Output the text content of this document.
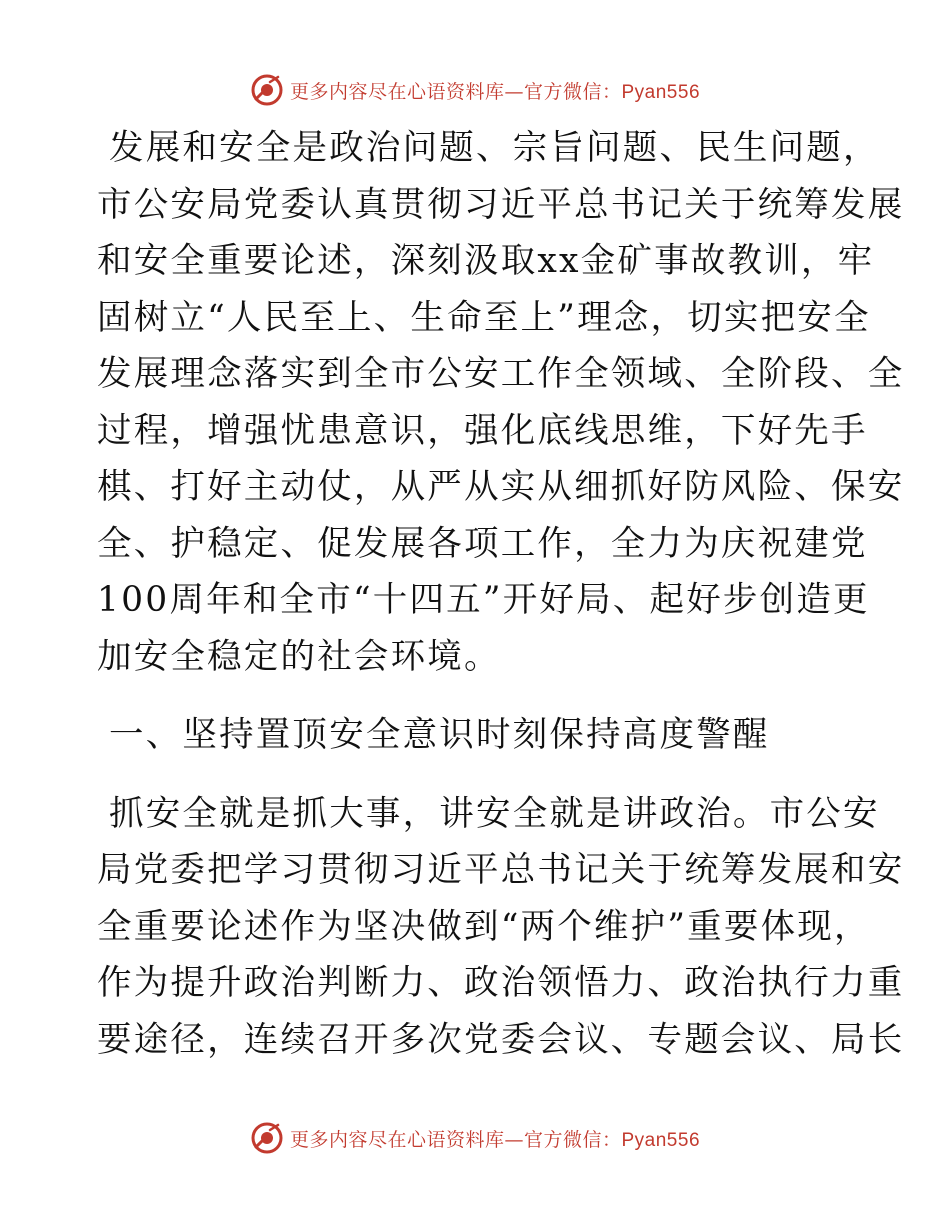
更多内容尽在心语资料库—官方微信：Pyan556

发展和安全是政治问题、宗旨问题、民生问题，
市公安局党委认真贯彻习近平总书记关于统筹发展
和安全重要论述，深刻汲取xx金矿事故教训，牢
固树立“人民至上、生命至上”理念，切实把安全
发展理念落实到全市公安工作全领域、全阶段、全
过程，增强忧患意识，强化底线思维，下好先手
棋、打好主动仗，从严从实从细抓好防风险、保安
全、护稳定、促发展各项工作，全力为庆祝建党
100周年和全市“十四五”开好局、起好步创造更
加安全稳定的社会环境。

一、坚持置顶安全意识时刻保持高度警醒

抓安全就是抓大事，讲安全就是讲政治。市公安
局党委把学习贯彻习近平总书记关于统筹发展和安
全重要论述作为坚决做到“两个维护”重要体现，
作为提升政治判断力、政治领悟力、政治执行力重
要途径，连续召开多次党委会议、专题会议、局长

更多内容尽在心语资料库—官方微信：Pyan556
